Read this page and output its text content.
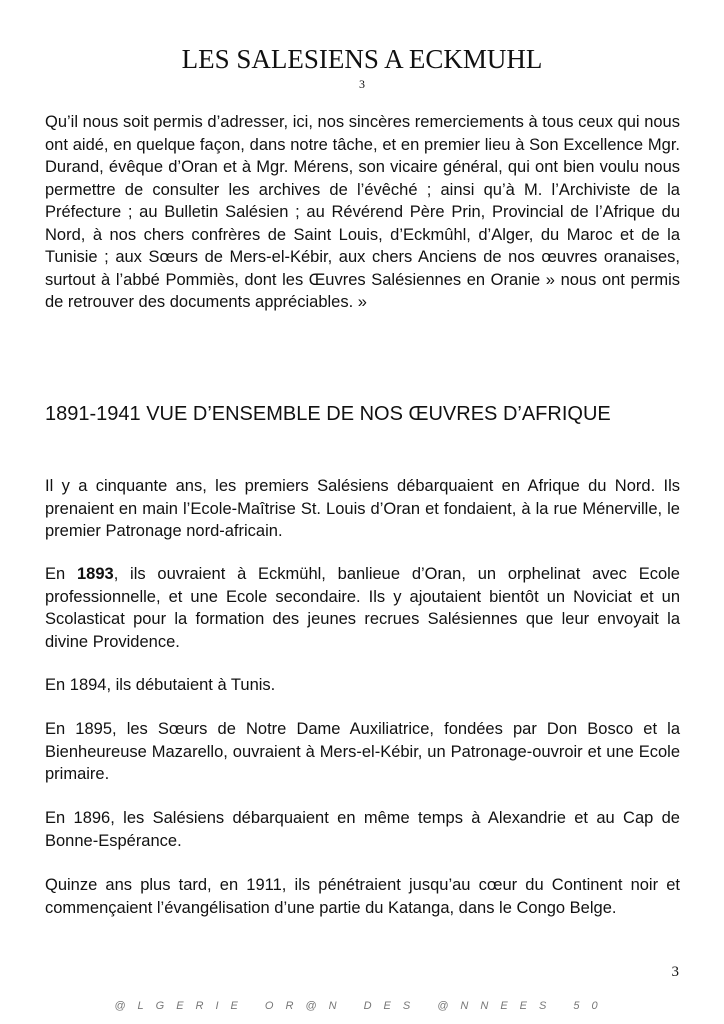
LES SALESIENS A ECKMUHL
3

Qu’il nous soit permis d’adresser, ici, nos sincères remerciements à tous ceux qui nous ont aidé, en quelque façon, dans notre tâche, et en premier lieu à Son Excellence Mgr. Durand, évêque d’Oran et à Mgr. Mérens, son vicaire général, qui ont bien voulu nous permettre de consulter les archives de l’évêché ; ainsi qu’à M. l’Archiviste de la Préfecture ; au Bulletin Salésien ; au Révérend Père Prin, Provincial de l’Afrique du Nord, à nos chers confrères de Saint Louis, d’Eckmûhl, d’Alger, du Maroc et de la Tunisie ; aux Sœurs de Mers-el-Kébir, aux chers Anciens de nos œuvres oranaises, surtout à l’abbé Pommiès, dont les Œuvres Salésiennes en Oranie » nous ont permis de retrouver des documents appréciables. »

1891-1941 VUE D’ENSEMBLE DE NOS ŒUVRES D’AFRIQUE

Il y a cinquante ans, les premiers Salésiens débarquaient en Afrique du Nord. Ils prenaient en main l’Ecole-Maîtrise St. Louis d’Oran et fondaient, à la rue Ménerville, le premier Patronage nord-africain.

En 1893, ils ouvraient à Eckmühl, banlieue d’Oran, un orphelinat avec Ecole professionnelle, et une Ecole secondaire. Ils y ajoutaient bientôt un Noviciat et un Scolasticat pour la formation des jeunes recrues Salésiennes que leur envoyait la divine Providence.

En 1894, ils débutaient à Tunis.

En 1895, les Sœurs de Notre Dame Auxiliatrice, fondées par Don Bosco et la Bienheureuse Mazarello, ouvraient à Mers-el-Kébir, un Patronage-ouvroir et une Ecole primaire.

En 1896, les Salésiens débarquaient en même temps à Alexandrie et au Cap de Bonne-Espérance.

Quinze ans plus tard, en 1911, ils pénétraient jusqu’au cœur du Continent noir et commençaient l’évangélisation d’une partie du Katanga, dans le Congo Belge.

3
@LGERIE OR@N DES @NNEES 50
